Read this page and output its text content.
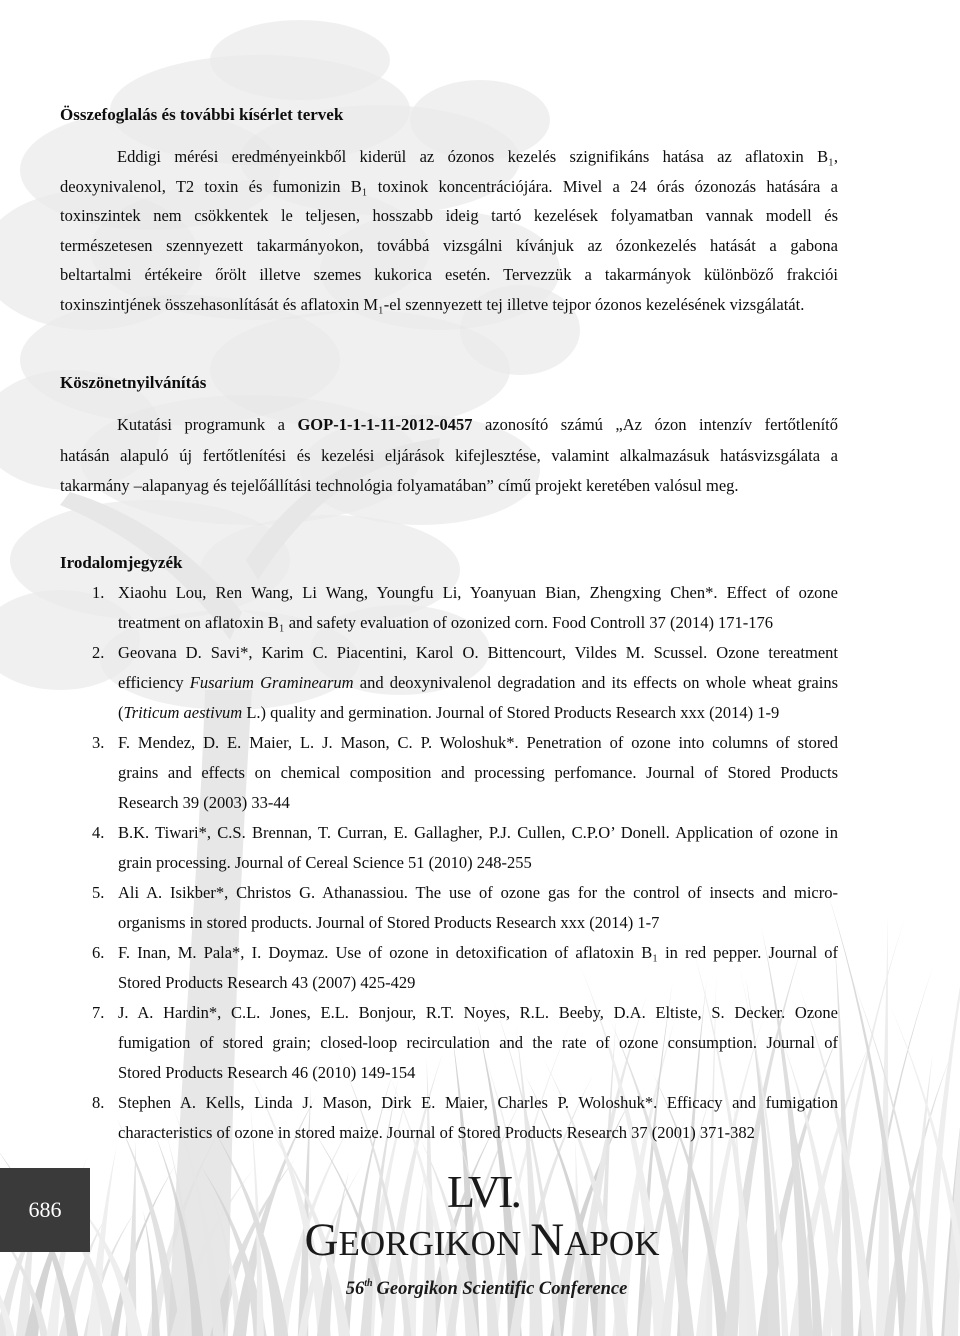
Összefoglalás és további kísérlet tervek
Eddigi mérési eredményeinkből kiderül az ózonos kezelés szignifikáns hatása az aflatoxin B₁,
deoxynivalenol, T2 toxin és fumonizin B₁ toxinok koncentrációjára. Mivel a 24 órás ózonozás hatására a
toxinszintek nem csökkentek le teljesen, hosszabb ideig tartó kezelések folyamatban vannak modell és
természetesen szennyezett takarmányokon, továbbá vizsgálni kívánjuk az ózonkezelés hatását a gabona
beltartalmi értékeire őrölt illetve szemes kukorica esetén. Tervezzük a takarmányok különböző frakciói
toxinszintjének összehasonlítását és aflatoxin M₁-el szennyezett tej illetve tejpor ózonos kezelésének vizsgálatát.
Köszönetnyilvánítás
Kutatási programunk a GOP-1-1-1-11-2012-0457 azonosító számú „Az ózon intenzív fertőtlenítő
hatásán alapuló új fertőtlenítési és kezelési eljárások kifejlesztése, valamint alkalmazásuk hatásvizsgálata a
takarmány –alapanyag és tejelőállítási technológia folyamatában” című projekt keretében valósul meg.
Irodalomjegyzék
1. Xiaohu Lou, Ren Wang, Li Wang, Youngfu Li, Yoanyuan Bian, Zhengxing Chen*. Effect of ozone
treatment on aflatoxin B₁ and safety evaluation of ozonized corn. Food Controll 37 (2014) 171-176
2. Geovana D. Savi*, Karim C. Piacentini, Karol O. Bittencourt, Vildes M. Scussel. Ozone tereatment
efficiency Fusarium Graminearum and deoxynivalenol degradation and its effects on whole wheat grains
(Triticum aestivum L.) quality and germination. Journal of Stored Products Research xxx (2014) 1-9
3. F. Mendez, D. E. Maier, L. J. Mason, C. P. Woloshuk*. Penetration of ozone into columns of stored
grains and effects on chemical composition and processing perfomance. Journal of Stored Products
Research 39 (2003) 33-44
4. B.K. Tiwari*, C.S. Brennan, T. Curran, E. Gallagher, P.J. Cullen, C.P.O’ Donell. Application of ozone in
grain processing. Journal of Cereal Science 51 (2010) 248-255
5. Ali A. Isikber*, Christos G. Athanassiou. The use of ozone gas for the control of insects and micro-
organisms in stored products. Journal of Stored Products Research xxx (2014) 1-7
6. F. Inan, M. Pala*, I. Doymaz. Use of ozone in detoxification of aflatoxin B₁ in red pepper. Journal of
Stored Products Research 43 (2007) 425-429
7. J. A. Hardin*, C.L. Jones, E.L. Bonjour, R.T. Noyes, R.L. Beeby, D.A. Eltiste, S. Decker. Ozone
fumigation of stored grain; closed-loop recirculation and the rate of ozone consumption. Journal of
Stored Products Research 46 (2010) 149-154
8. Stephen A. Kells, Linda J. Mason, Dirk E. Maier, Charles P. Woloshuk*. Efficacy and fumigation
characteristics of ozone in stored maize. Journal of Stored Products Research 37 (2001) 371-382
686	LVI.
GEORGIKON NAPOK
56th Georgikon Scientific Conference
